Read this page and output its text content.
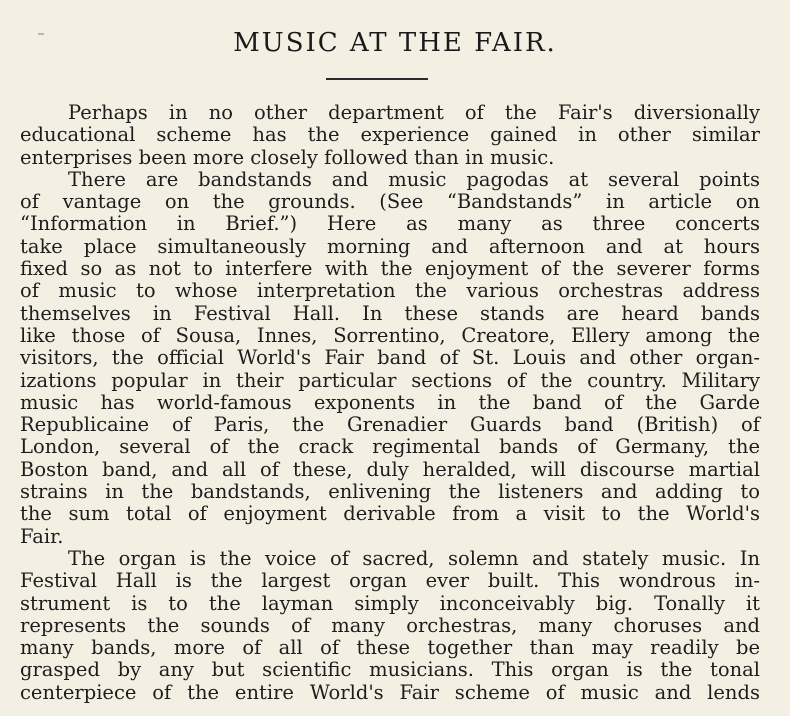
MUSIC AT THE FAIR.
Perhaps in no other department of the Fair's diversionally
educational scheme has the experience gained in other similar
enterprises been more closely followed than in music.
There are bandstands and music pagodas at several points
of vantage on the grounds. (See “Bandstands” in article on
“Information in Brief.”) Here as many as three concerts
take place simultaneously morning and afternoon and at hours
fixed so as not to interfere with the enjoyment of the severer forms
of music to whose interpretation the various orchestras address
themselves in Festival Hall. In these stands are heard bands
like those of Sousa, Innes, Sorrentino, Creatore, Ellery among the
visitors, the official World's Fair band of St. Louis and other organ-
izations popular in their particular sections of the country. Military
music has world-famous exponents in the band of the Garde
Republicaine of Paris, the Grenadier Guards band (British) of
London, several of the crack regimental bands of Germany, the
Boston band, and all of these, duly heralded, will discourse martial
strains in the bandstands, enlivening the listeners and adding to
the sum total of enjoyment derivable from a visit to the World's
Fair.
The organ is the voice of sacred, solemn and stately music. In
Festival Hall is the largest organ ever built. This wondrous in-
strument is to the layman simply inconceivably big. Tonally it
represents the sounds of many orchestras, many choruses and
many bands, more of all of these together than may readily be
grasped by any but scientific musicians. This organ is the tonal
centerpiece of the entire World's Fair scheme of music and lends
